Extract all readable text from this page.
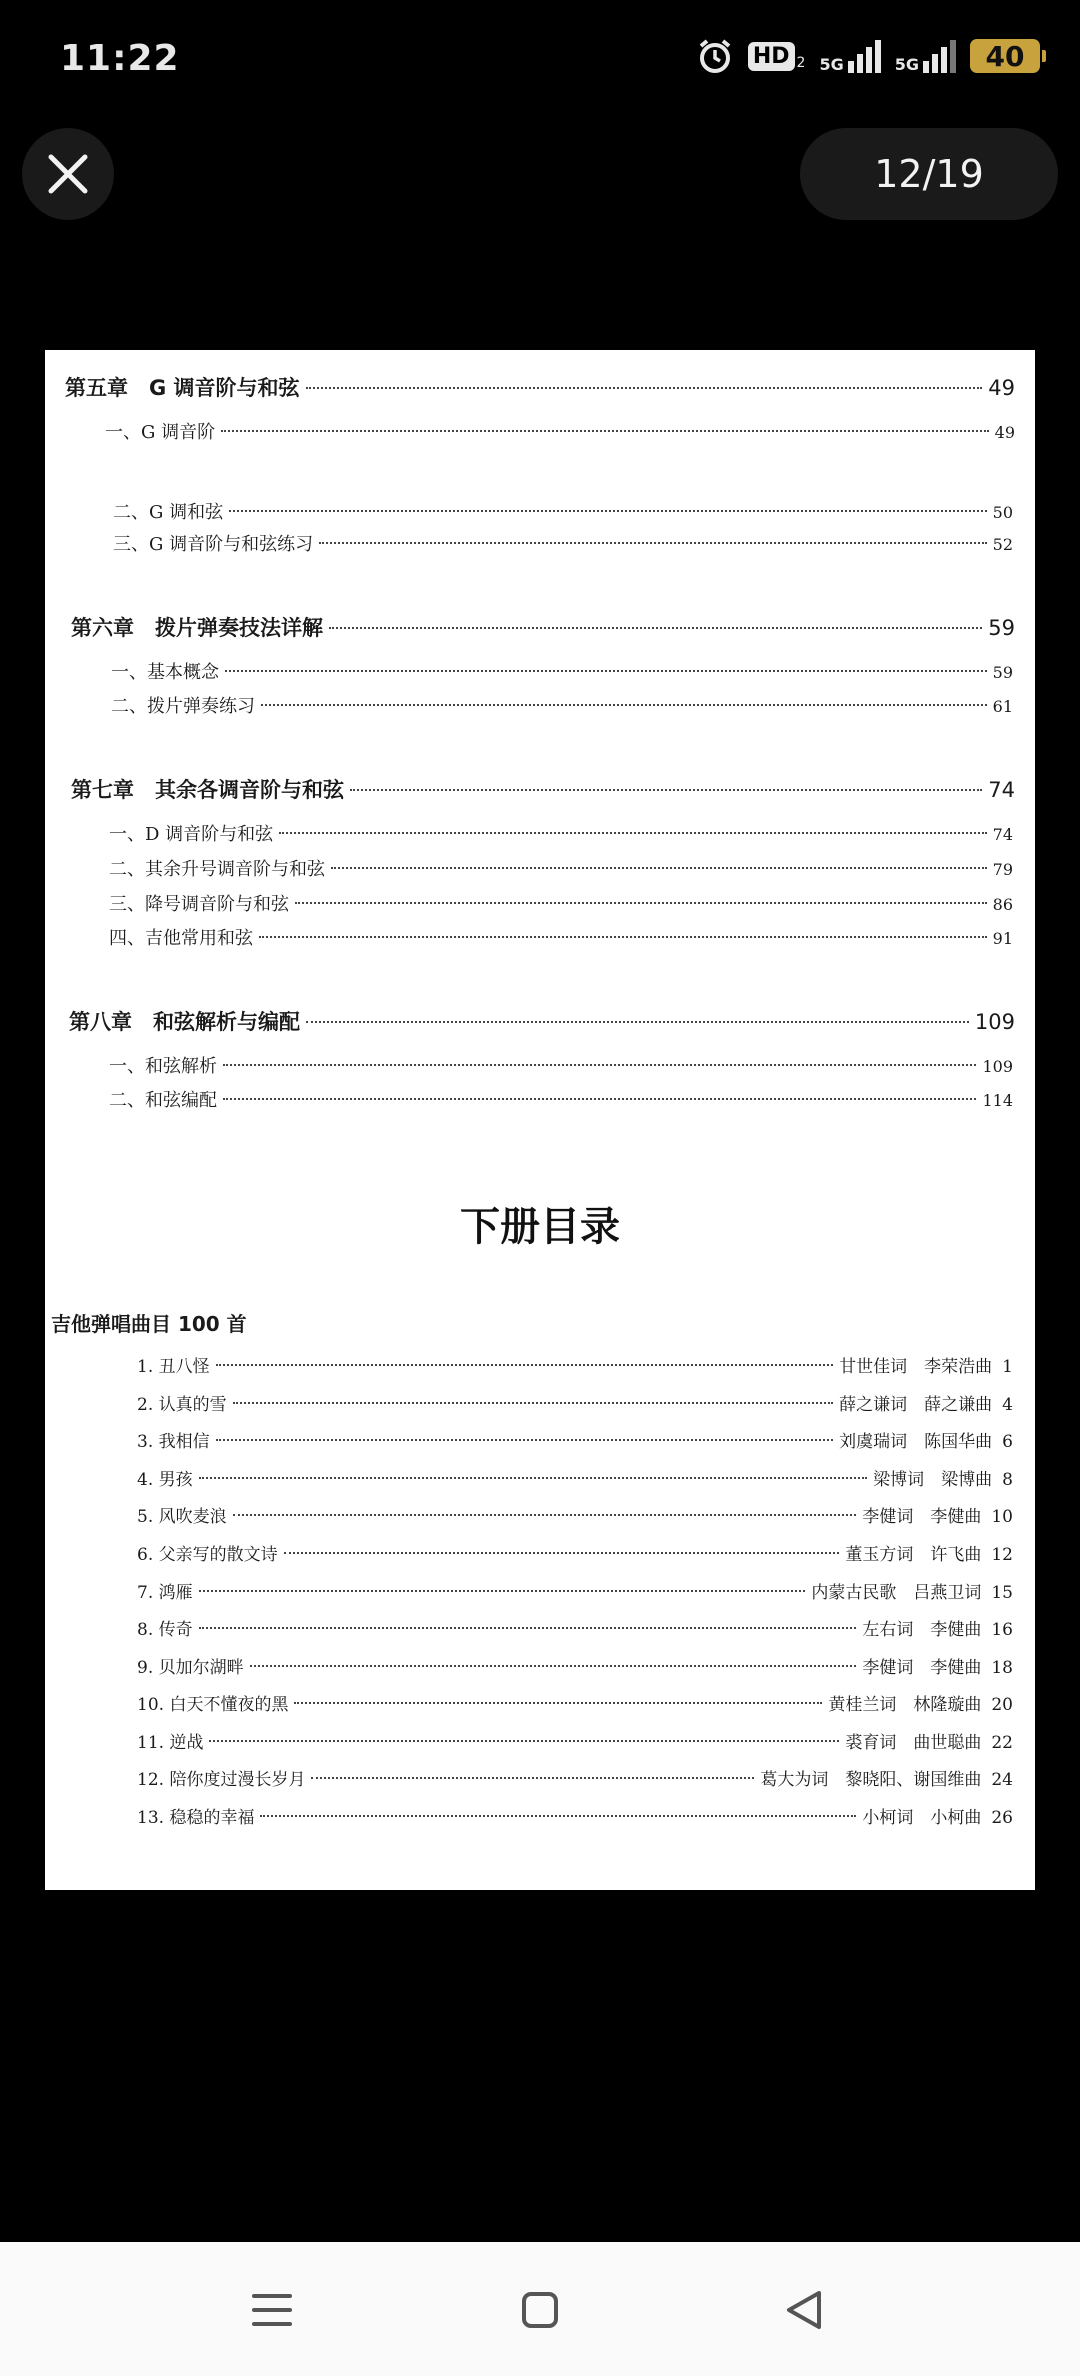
11:22	HD 2 5G	5G	40
12/19
第五章　G 调音阶与和弦	49
一、G 调音阶	49
二、G 调和弦	50
三、G 调音阶与和弦练习	52
第六章　拨片弹奏技法详解	59
一、基本概念	59
二、拨片弹奏练习	61
第七章　其余各调音阶与和弦	74
一、D 调音阶与和弦	74
二、其余升号调音阶与和弦	79
三、降号调音阶与和弦	86
四、吉他常用和弦	91
第八章　和弦解析与编配	109
一、和弦解析	109
二、和弦编配	114
下册目录
吉他弹唱曲目 100 首
1. 丑八怪	甘世佳词　李荣浩曲 1
2. 认真的雪	薛之谦词　薛之谦曲 4
3. 我相信	刘虞瑞词　陈国华曲 6
4. 男孩	梁博词　梁博曲 8
5. 风吹麦浪	李健词　李健曲 10
6. 父亲写的散文诗	董玉方词　许飞曲 12
7. 鸿雁	内蒙古民歌　吕燕卫词 15
8. 传奇	左右词　李健曲 16
9. 贝加尔湖畔	李健词　李健曲 18
10. 白天不懂夜的黑	黄桂兰词　林隆璇曲 20
11. 逆战	裘育词　曲世聪曲 22
12. 陪你度过漫长岁月	葛大为词　黎晓阳、谢国维曲 24
13. 稳稳的幸福	小柯词　小柯曲 26
